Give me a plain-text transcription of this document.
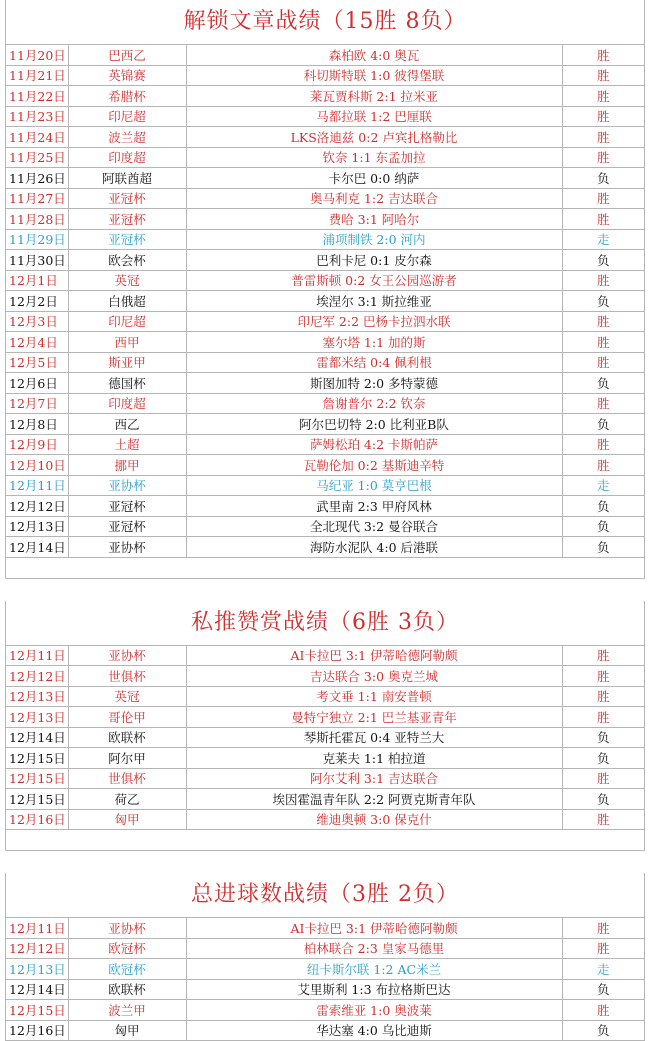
解锁文章战绩（15胜 8负）
11月20日	巴西乙	森柏欧 4:0 奥瓦	胜
11月21日	英锦赛	科切斯特联 1:0 彼得堡联	胜
11月22日	希腊杯	莱瓦贾科斯 2:1 拉米亚	胜
11月23日	印尼超	马都拉联 1:2 巴厘联	胜
11月24日	波兰超	LKS洛迪兹 0:2 卢宾扎格勒比	胜
11月25日	印度超	钦奈 1:1 东孟加拉	胜
11月26日	阿联酋超	卡尔巴 0:0 纳萨	负
11月27日	亚冠杯	奥马利克 1:2 吉达联合	胜
11月28日	亚冠杯	费哈 3:1 阿哈尔	胜
11月29日	亚冠杯	浦项制铁 2:0 河内	走
11月30日	欧会杯	巴利卡尼 0:1 皮尔森	负
12月1日	英冠	普雷斯顿 0:2 女王公园巡游者	胜
12月2日	白俄超	埃涅尔 3:1 斯拉维亚	负
12月3日	印尼超	印尼军 2:2 巴杨卡拉泗水联	胜
12月4日	西甲	塞尔塔 1:1 加的斯	胜
12月5日	斯亚甲	雷都米结 0:4 佩利根	胜
12月6日	德国杯	斯图加特 2:0 多特蒙德	负
12月7日	印度超	詹谢普尔 2:2 钦奈	胜
12月8日	西乙	阿尔巴切特 2:0 比利亚B队	负
12月9日	土超	萨姆松珀 4:2 卡斯帕萨	胜
12月10日	挪甲	瓦勒伦加 0:2 基斯迪辛特	胜
12月11日	亚协杯	马纪亚 1:0 莫亨巴根	走
12月12日	亚冠杯	武里南 2:3 甲府风林	负
12月13日	亚冠杯	全北现代 3:2 曼谷联合	负
12月14日	亚协杯	海防水泥队 4:0 后港联	负
私推赞赏战绩（6胜 3负）
12月11日	亚协杯	AI卡拉巴 3:1 伊蒂哈德阿勒颇	胜
12月12日	世俱杯	吉达联合 3:0 奥克兰城	胜
12月13日	英冠	考文垂 1:1 南安普顿	胜
12月13日	哥伦甲	曼特宁独立 2:1 巴兰基亚青年	胜
12月14日	欧联杯	琴斯托霍瓦 0:4 亚特兰大	负
12月15日	阿尔甲	克莱夫 1:1 柏拉道	负
12月15日	世俱杯	阿尔艾利 3:1 吉达联合	胜
12月15日	荷乙	埃因霍温青年队 2:2 阿贾克斯青年队	负
12月16日	匈甲	维迪奥顿 3:0 保克什	胜
总进球数战绩（3胜 2负）
12月11日	亚协杯	AI卡拉巴 3:1 伊蒂哈德阿勒颇	胜
12月12日	欧冠杯	柏林联合 2:3 皇家马德里	胜
12月13日	欧冠杯	纽卡斯尔联 1:2 AC米兰	走
12月14日	欧联杯	艾里斯利 1:3 布拉格斯巴达	负
12月15日	波兰甲	雷索维亚 1:0 奥波莱	胜
12月16日	匈甲	华达塞 4:0 乌比迪斯	负
